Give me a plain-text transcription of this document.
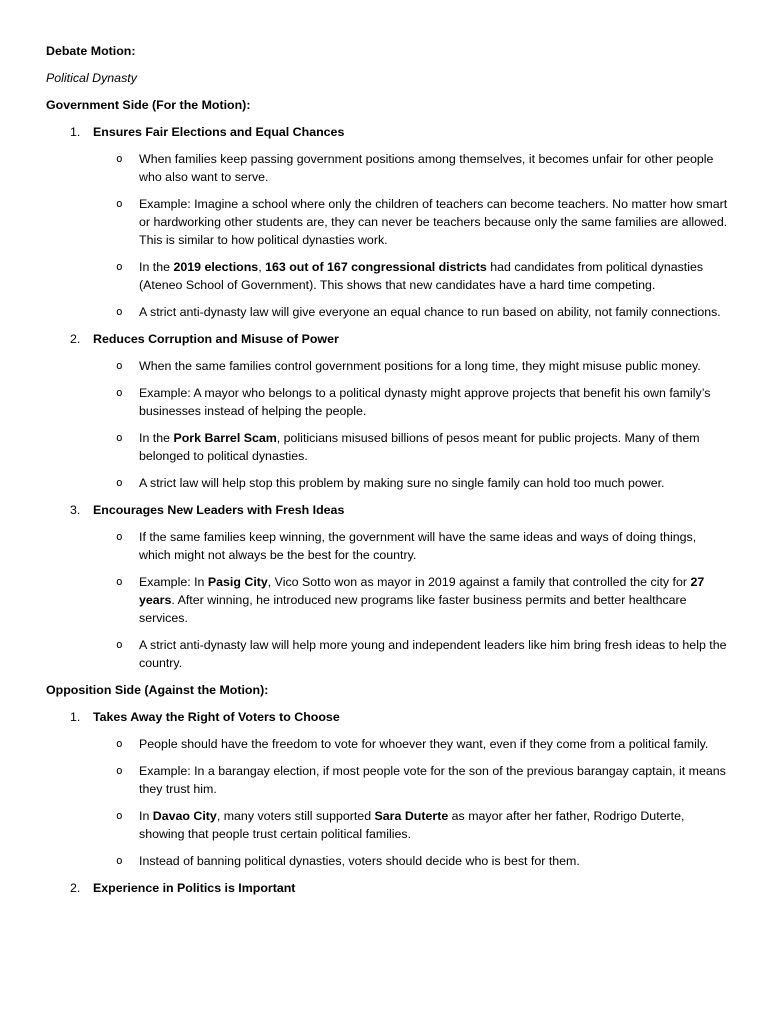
Debate Motion:

Political Dynasty

Government Side (For the Motion):

1. Ensures Fair Elections and Equal Chances
o When families keep passing government positions among themselves, it becomes unfair for other people who also want to serve.
o Example: Imagine a school where only the children of teachers can become teachers. No matter how smart or hardworking other students are, they can never be teachers because only the same families are allowed. This is similar to how political dynasties work.
o In the 2019 elections, 163 out of 167 congressional districts had candidates from political dynasties (Ateneo School of Government). This shows that new candidates have a hard time competing.
o A strict anti-dynasty law will give everyone an equal chance to run based on ability, not family connections.
2. Reduces Corruption and Misuse of Power
o When the same families control government positions for a long time, they might misuse public money.
o Example: A mayor who belongs to a political dynasty might approve projects that benefit his own family’s businesses instead of helping the people.
o In the Pork Barrel Scam, politicians misused billions of pesos meant for public projects. Many of them belonged to political dynasties.
o A strict law will help stop this problem by making sure no single family can hold too much power.
3. Encourages New Leaders with Fresh Ideas
o If the same families keep winning, the government will have the same ideas and ways of doing things, which might not always be the best for the country.
o Example: In Pasig City, Vico Sotto won as mayor in 2019 against a family that controlled the city for 27 years. After winning, he introduced new programs like faster business permits and better healthcare services.
o A strict anti-dynasty law will help more young and independent leaders like him bring fresh ideas to help the country.

Opposition Side (Against the Motion):

1. Takes Away the Right of Voters to Choose
o People should have the freedom to vote for whoever they want, even if they come from a political family.
o Example: In a barangay election, if most people vote for the son of the previous barangay captain, it means they trust him.
o In Davao City, many voters still supported Sara Duterte as mayor after her father, Rodrigo Duterte, showing that people trust certain political families.
o Instead of banning political dynasties, voters should decide who is best for them.
2. Experience in Politics is Important
